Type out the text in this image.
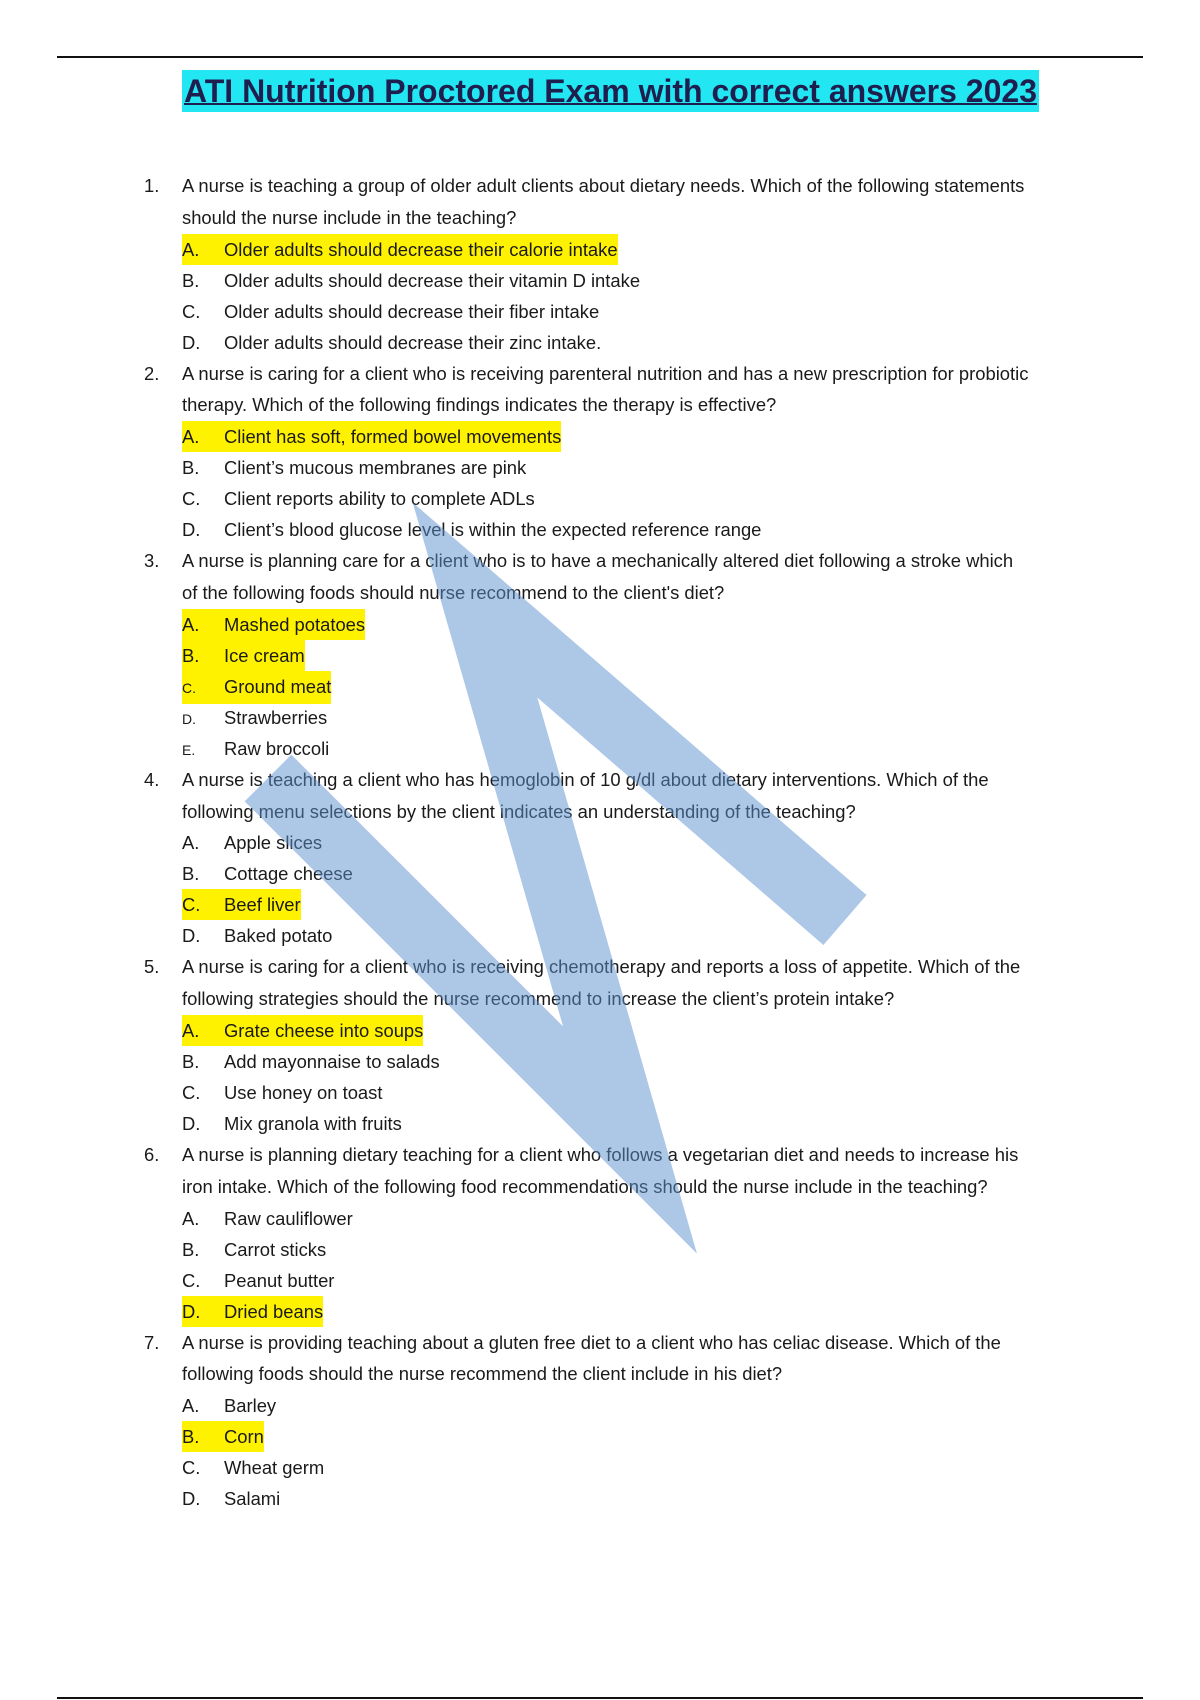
ATI Nutrition Proctored Exam with correct answers 2023
1. A nurse is teaching a group of older adult clients about dietary needs. Which of the following statements should the nurse include in the teaching?
A. Older adults should decrease their calorie intake
B. Older adults should decrease their vitamin D intake
C. Older adults should decrease their fiber intake
D. Older adults should decrease their zinc intake.
2. A nurse is caring for a client who is receiving parenteral nutrition and has a new prescription for probiotic therapy. Which of the following findings indicates the therapy is effective?
A. Client has soft, formed bowel movements
B. Client’s mucous membranes are pink
C. Client reports ability to complete ADLs
D. Client’s blood glucose level is within the expected reference range
3. A nurse is planning care for a client who is to have a mechanically altered diet following a stroke which of the following foods should nurse recommend to the client's diet?
A. Mashed potatoes
B. Ice cream
C. Ground meat
D. Strawberries
E. Raw broccoli
4. A nurse is teaching a client who has hemoglobin of 10 g/dl about dietary interventions. Which of the following menu selections by the client indicates an understanding of the teaching?
A. Apple slices
B. Cottage cheese
C. Beef liver
D. Baked potato
5. A nurse is caring for a client who is receiving chemotherapy and reports a loss of appetite. Which of the following strategies should the nurse recommend to increase the client’s protein intake?
A. Grate cheese into soups
B. Add mayonnaise to salads
C. Use honey on toast
D. Mix granola with fruits
6. A nurse is planning dietary teaching for a client who follows a vegetarian diet and needs to increase his iron intake. Which of the following food recommendations should the nurse include in the teaching?
A. Raw cauliflower
B. Carrot sticks
C. Peanut butter
D. Dried beans
7. A nurse is providing teaching about a gluten free diet to a client who has celiac disease. Which of the following foods should the nurse recommend the client include in his diet?
A. Barley
B. Corn
C. Wheat germ
D. Salami
